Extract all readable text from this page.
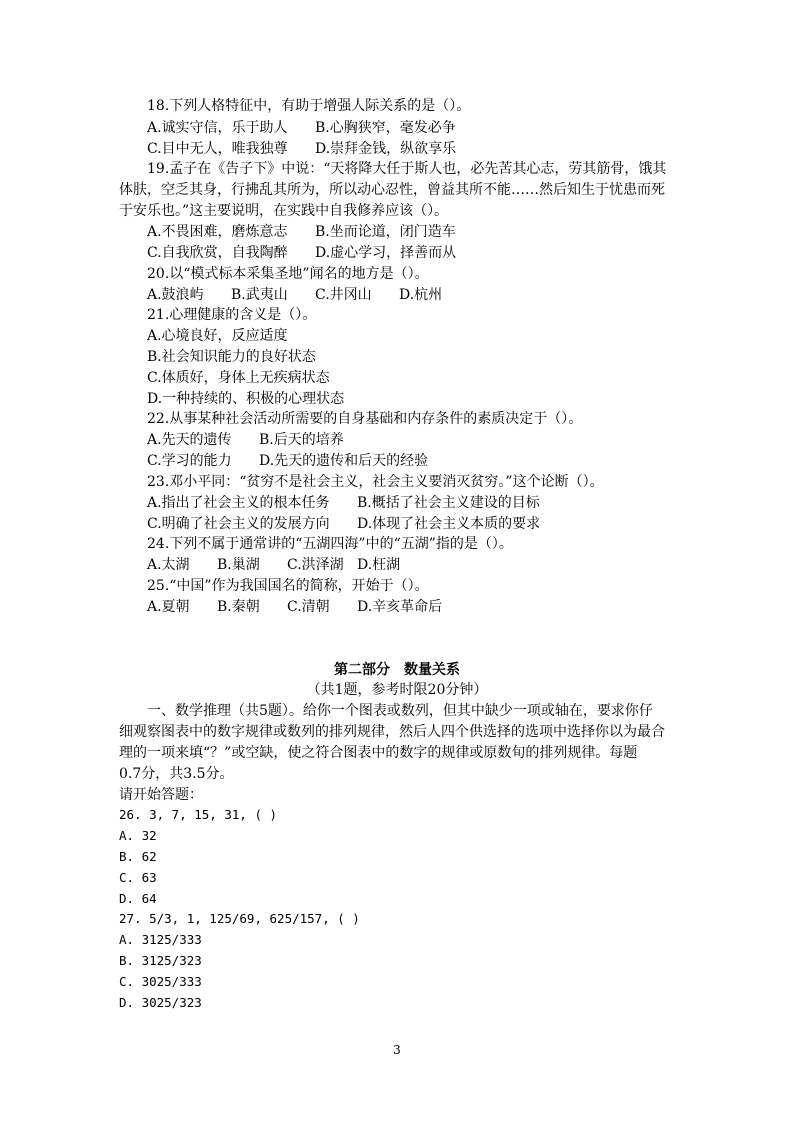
18.下列人格特征中，有助于增强人际关系的是（）。
A.诚实守信，乐于助人 B.心胸狭窄，毫发必争
C.目中无人，唯我独尊 D.崇拜金钱，纵欲享乐
19.孟子在《告子下》中说：“天将降大任于斯人也，必先苦其心志，劳其筋骨，饿其
体肤，空乏其身，行拂乱其所为，所以动心忍性，曾益其所不能……然后知生于忧患而死
于安乐也。”这主要说明，在实践中自我修养应该（）。
A.不畏困难，磨炼意志 B.坐而论道，闭门造车
C.自我欣赏，自我陶醉 D.虚心学习，择善而从
20.以“模式标本采集圣地”闻名的地方是（）。
A.鼓浪屿 B.武夷山 C.井冈山 D.杭州
21.心理健康的含义是（）。
A.心境良好，反应适度
B.社会知识能力的良好状态
C.体质好，身体上无疾病状态
D.一种持续的、积极的心理状态
22.从事某种社会活动所需要的自身基础和内存条件的素质决定于（）。
A.先天的遗传 B.后天的培养
C.学习的能力 D.先天的遗传和后天的经验
23.邓小平同：“贫穷不是社会主义，社会主义要消灭贫穷。”这个论断（）。
A.指出了社会主义的根本任务 B.概括了社会主义建设的目标
C.明确了社会主义的发展方向 D.体现了社会主义本质的要求
24.下列不属于通常讲的“五湖四海”中的“五湖”指的是（）。
A.太湖 B.巢湖 C.洪泽湖 D.枉湖
25.“中国”作为我国国名的简称，开始于（）。
A.夏朝 B.秦朝 C.清朝 D.辛亥革命后
第二部分　数量关系
（共1题，参考时限20分钟）
一、数学推理（共5题）。给你一个图表或数列，但其中缺少一项或轴在，要求你仔
细观察图表中的数字规律或数列的排列规律，然后人四个供选择的选项中选择你以为最合
理的一项来填“？”或空缺，使之符合图表中的数字的规律或原数旬的排列规律。每题
0.7分，共3.5分。
请开始答题：
26. 3, 7, 15, 31, ( )
A. 32
B. 62
C. 63
D. 64
27. 5/3, 1, 125/69, 625/157, ( )
A. 3125/333
B. 3125/323
C. 3025/333
D. 3025/323
3
